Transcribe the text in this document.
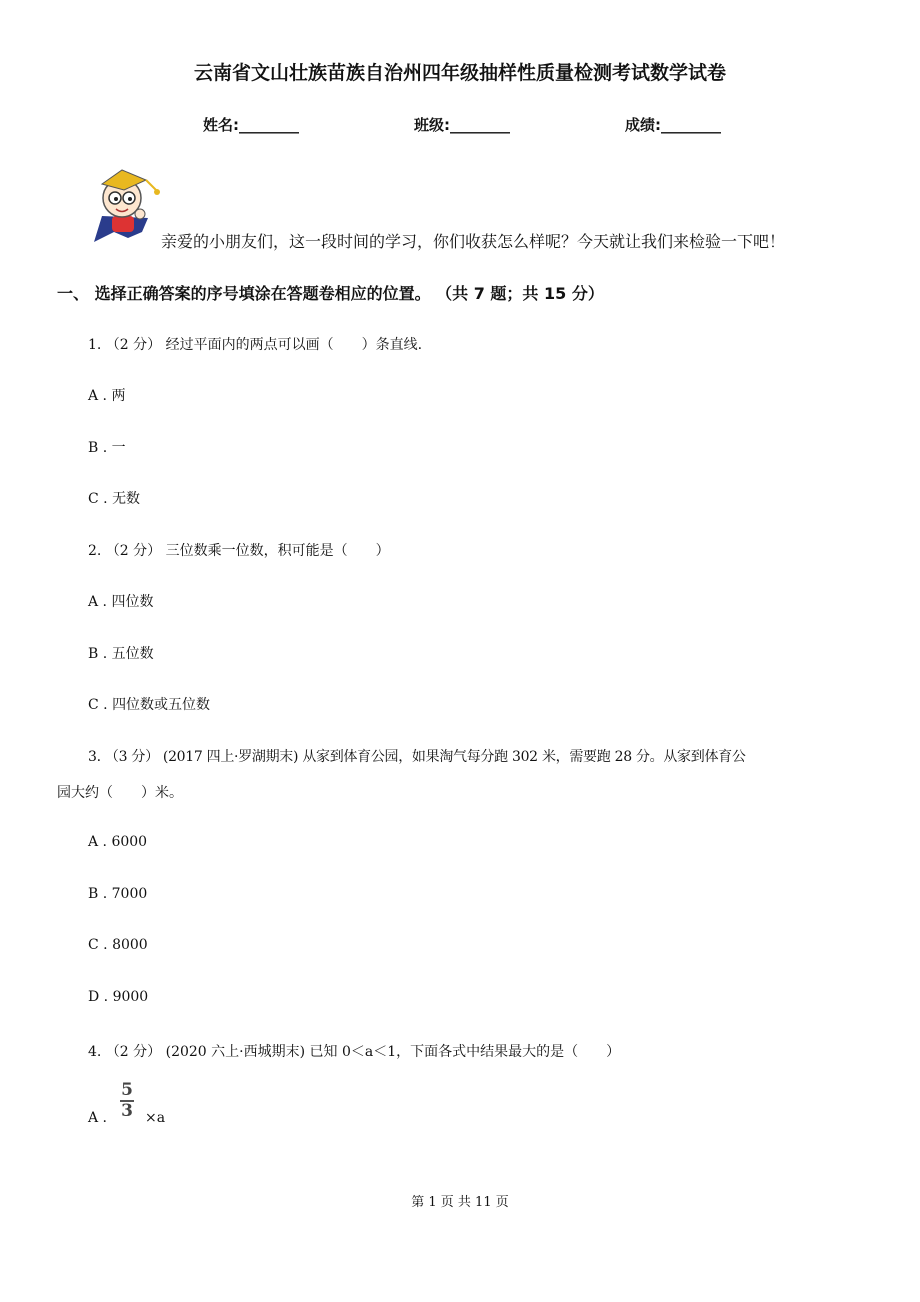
云南省文山壮族苗族自治州四年级抽样性质量检测考试数学试卷
姓名:________	班级:________	成绩:________
亲爱的小朋友们，这一段时间的学习，你们收获怎么样呢？今天就让我们来检验一下吧！
一、 选择正确答案的序号填涂在答题卷相应的位置。 （共 7 题；共 15 分）
1. （2 分） 经过平面内的两点可以画（　　）条直线.
A . 两
B . 一
C . 无数
2. （2 分） 三位数乘一位数，积可能是（　　）
A . 四位数
B . 五位数
C . 四位数或五位数
3. （3 分） (2017 四上·罗湖期末) 从家到体育公园，如果淘气每分跑 302 米，需要跑 28 分。从家到体育公
园大约（　　）米。
A . 6000
B . 7000
C . 8000
D . 9000
4. （2 分） (2020 六上·西城期末) 已知 0＜a＜1，下面各式中结果最大的是（　　）
A .
5
3 ×a
第 1 页 共 11 页
